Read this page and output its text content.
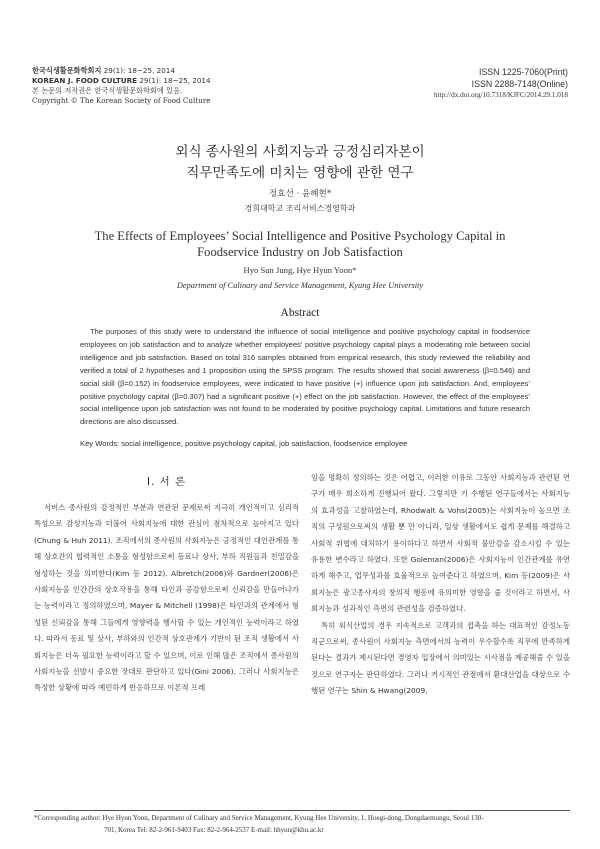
한국식생활문화학회지 29(1): 18~25, 2014
KOREAN J. FOOD CULTURE 29(1): 18~25, 2014
본 논문의 저작권은 한국식생활문화학회에 있음.
Copyright © The Korean Society of Food Culture
ISSN 1225-7060(Print)
ISSN 2288-7148(Online)
http://dx.doi.org/10.7318/KJFC/2014.29.1.018
외식 종사원의 사회지능과 긍정심리자본이
직무만족도에 미치는 영향에 관한 연구
정효선 · 윤혜현*
경희대학교 조리서비스경영학과
The Effects of Employees’ Social Intelligence and Positive Psychology Capital in
Foodservice Industry on Job Satisfaction
Hyo Sun Jung, Hye Hyun Yoon*
Department of Culinary and Service Management, Kyung Hee University
Abstract
The purposes of this study were to understand the influence of social intelligence and positive psychology capital in foodservice employees on job satisfaction and to analyze whether employees’ positive psychology capital plays a moderating role between social intelligence and job satisfaction. Based on total 316 samples obtained from empirical research, this study reviewed the reliability and verified a total of 2 hypotheses and 1 proposition using the SPSS program. The results showed that social awareness (β=0.546) and social skill (β=0.152) in foodservice employees, were indicated to have positive (+) influence upon job satisfaction. And, employees’ positive psychology capital (β=0.307) had a significant positive (+) effect on the job satisfaction. However, the effect of the employees’ social intelligence upon job satisfaction was not found to be moderated by positive psychology capital. Limitations and future research directions are also discussed.
Key Words: social intelligence, positive psychology capital, job satisfaction, foodservice employee
I. 서 론

서비스 종사원의 감정적인 부분과 연관된 문제로써 지극히 개인적이고 심리적 특성으로 감성지능과 더불어 사회지능에 대한 관심이 점차적으로 높아지고 있다(Chung & Huh 2011). 조직에서의 종사원의 사회지능은 긍정적인 대인관계를 통해 상호간의 협력적인 소통을 형성함으로써 동료나 상사, 부하 직원들과 친밀감을 형성하는 것을 의미한다(Kim 등 2012). Albretch(2006)와 Gardner(2006)은 사회지능을 인간간의 상호작용을 통해 타인과 공감함으로써 신뢰감을 만들어나가는 능력이라고 정의하였으며, Mayer & Mitchell (1998)은 타인과의 관계에서 형성된 신뢰감을 통해 그들에게 영향력을 행사할 수 있는 개인적인 능력이라고 하였다. 따라서 동료 및 상사, 부하와의 인간적 상호관계가 기반이 된 조직 생활에서 사회지능은 더욱 필요한 능력이라고 할 수 있으며, 이로 인해 많은 조직에서 종사원의 사회지능을 선발시 중요한 잣대로 판단하고 있다(Gini 2006). 그러나 사회지능은 특정한 상황에 따라 예민하게 반응하므로 이론적 프레

임을 명확히 정의하는 것은 어렵고, 이러한 이유로 그동안 사회지능과 관련된 연구가 매우 희소하게 진행되어 왔다. 그렇지만 기 수행된 연구들에서는 사회지능의 효과성을 고찰하였는데, Rhodwalt & Vohs(2005)는 사회지능이 높으면 조직의 구성원으로써의 생활 뿐 만 아니라, 일상 생활에서도 쉽게 문제를 해결하고 사회적 위협에 대처하기 용이하다고 하면서 사회적 불안감을 감소시킬 수 있는 유용한 변수라고 하였다. 또한 Goleman(2006)은 사회지능이 인간관계를 유연하게 해주고, 업무성과를 효율적으로 높여준다고 하였으며, Kim 등(2009)은 사회지능은 광고종사자의 창의적 행동에 유의미한 영향을 줄 것이라고 하면서, 사회지능과 성과적인 측면의 관련성을 검증하였다.

특히 외식산업의 경우 지속적으로 고객과의 접촉을 하는 대표적인 감정노동 직군으로써, 종사원이 사회지능 측면에서의 능력이 우수할수록 직무에 만족하게 된다는 결과가 제시된다면 경영자 입장에서 의미있는 시사점을 제공해줄 수 있을 것으로 연구자는 판단하였다. 그러나 거시적인 관점에서 환대산업을 대상으로 수행된 연구는 Shin & Hwang(2009,

*Corresponding author: Hye Hyun Yoon, Department of Culinary and Service Management, Kyung Hee University, 1, Hoegi-dong, Dongdaemungu, Seoul 130-
701, Korea Tel: 82-2-961-9403 Fax: 82-2-964-2537 E-mail: hhyun@khu.ac.kr
